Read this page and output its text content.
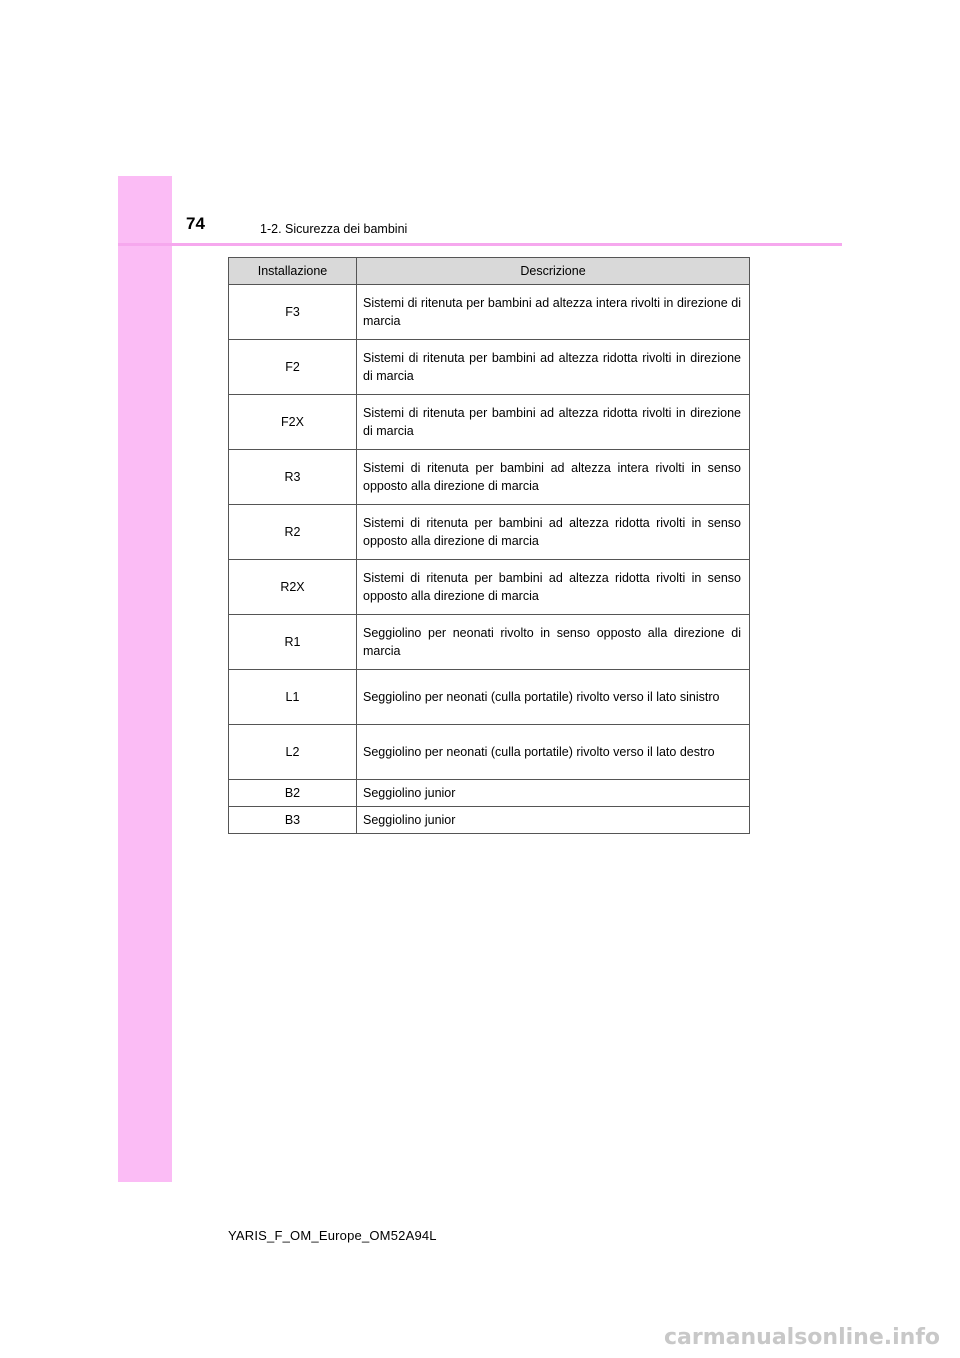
74	1-2. Sicurezza dei bambini
Installazione	Descrizione
F3	Sistemi di ritenuta per bambini ad altezza intera rivolti in direzione di marcia
F2	Sistemi di ritenuta per bambini ad altezza ridotta rivolti in direzione di marcia
F2X	Sistemi di ritenuta per bambini ad altezza ridotta rivolti in direzione di marcia
R3	Sistemi di ritenuta per bambini ad altezza intera rivolti in senso opposto alla direzione di marcia
R2	Sistemi di ritenuta per bambini ad altezza ridotta rivolti in senso opposto alla direzione di marcia
R2X	Sistemi di ritenuta per bambini ad altezza ridotta rivolti in senso opposto alla direzione di marcia
R1	Seggiolino per neonati rivolto in senso opposto alla direzione di marcia
L1	Seggiolino per neonati (culla portatile) rivolto verso il lato sinistro
L2	Seggiolino per neonati (culla portatile) rivolto verso il lato destro
B2	Seggiolino junior
B3	Seggiolino junior
YARIS_F_OM_Europe_OM52A94L
carmanualsonline.info
